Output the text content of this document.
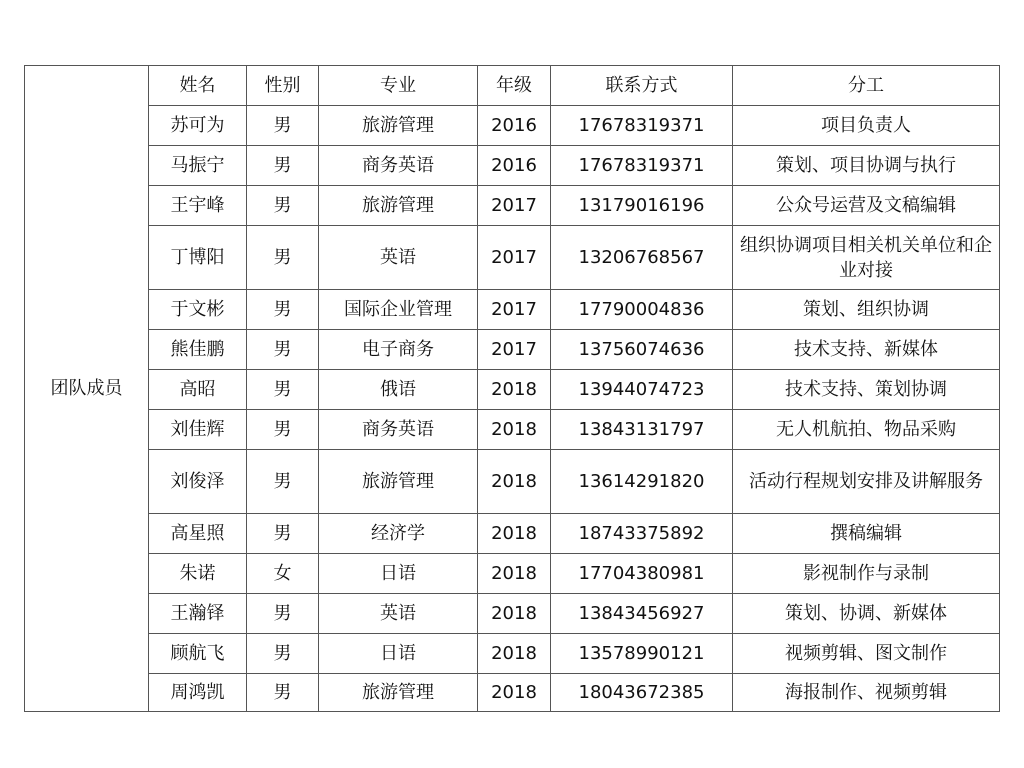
团队成员	姓名	性别	专业	年级	联系方式	分工
	苏可为	男	旅游管理	2016	17678319371	项目负责人
	马振宁	男	商务英语	2016	17678319371	策划、项目协调与执行
	王宇峰	男	旅游管理	2017	13179016196	公众号运营及文稿编辑
	丁博阳	男	英语	2017	13206768567	组织协调项目相关机关单位和企业对接
	于文彬	男	国际企业管理	2017	17790004836	策划、组织协调
	熊佳鹏	男	电子商务	2017	13756074636	技术支持、新媒体
	高昭	男	俄语	2018	13944074723	技术支持、策划协调
	刘佳辉	男	商务英语	2018	13843131797	无人机航拍、物品采购
	刘俊泽	男	旅游管理	2018	13614291820	活动行程规划安排及讲解服务
	高星照	男	经济学	2018	18743375892	撰稿编辑
	朱诺	女	日语	2018	17704380981	影视制作与录制
	王瀚铎	男	英语	2018	13843456927	策划、协调、新媒体
	顾航飞	男	日语	2018	13578990121	视频剪辑、图文制作
	周鸿凯	男	旅游管理	2018	18043672385	海报制作、视频剪辑
